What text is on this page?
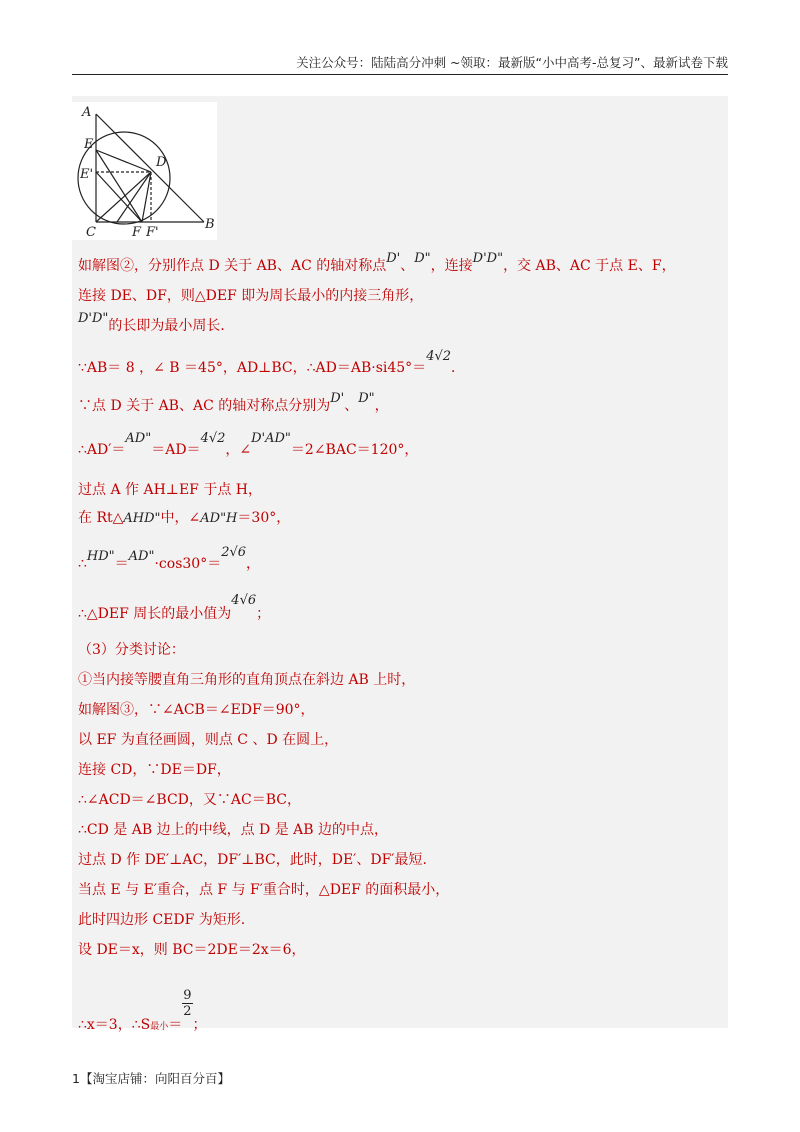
关注公众号：陆陆高分冲刺 ~领取：最新版“小中高考-总复习”、最新试卷下载
A
E
E'
D
B
C	F F'
如解图②，分别作点 D 关于 AB、AC 的轴对称点D'、D"，连接D'D"，交 AB、AC 于点 E、F，
连接 DE、DF，则△DEF 即为周长最小的内接三角形，
D'D"的长即为最小周长．
∵AB＝ 8 ，∠ B ＝45°，AD⊥BC，∴AD＝AB·si45°＝4√2．
∵点 D 关于 AB、AC 的轴对称点分别为D'、D"，
∴AD′＝AD"＝AD＝4√2，∠D'AD"＝2∠BAC＝120°，
过点 A 作 AH⊥EF 于点 H，
在 Rt△AHD"中，∠AD"H＝30°，
∴HD"＝AD"·cos30°＝2√6，
∴△DEF 周长的最小值为4√6；
（3）分类讨论：
①当内接等腰直角三角形的直角顶点在斜边 AB 上时，
如解图③，∵∠ACB＝∠EDF＝90°，
以 EF 为直径画圆，则点 C 、D 在圆上，
连接 CD，∵DE＝DF，
∴∠ACD＝∠BCD，又∵AC＝BC，
∴CD 是 AB 边上的中线，点 D 是 AB 边的中点，
过点 D 作 DE′⊥AC，DF′⊥BC，此时，DE′、DF′最短.
当点 E 与 E′重合，点 F 与 F′重合时，△DEF 的面积最小，
此时四边形 CEDF 为矩形.
设 DE＝x，则 BC＝2DE＝2x＝6，
∴x＝3，∴S最小＝
$\frac{9}{2}$
；
1【淘宝店铺：向阳百分百】
